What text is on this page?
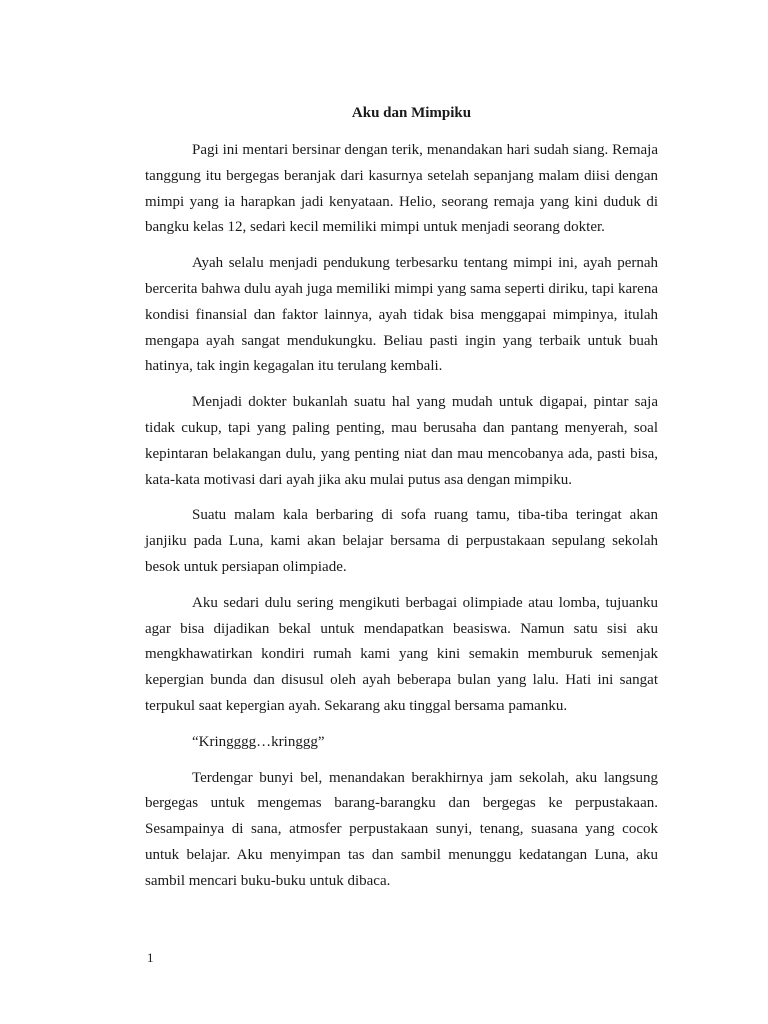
Aku dan Mimpiku

Pagi ini mentari bersinar dengan terik, menandakan hari sudah siang. Remaja tanggung itu bergegas beranjak dari kasurnya setelah sepanjang malam diisi dengan mimpi yang ia harapkan jadi kenyataan. Helio, seorang remaja yang kini duduk di bangku kelas 12, sedari kecil memiliki mimpi untuk menjadi seorang dokter.

Ayah selalu menjadi pendukung terbesarku tentang mimpi ini, ayah pernah bercerita bahwa dulu ayah juga memiliki mimpi yang sama seperti diriku, tapi karena kondisi finansial dan faktor lainnya, ayah tidak bisa menggapai mimpinya, itulah mengapa ayah sangat mendukungku. Beliau pasti ingin yang terbaik untuk buah hatinya, tak ingin kegagalan itu terulang kembali.

Menjadi dokter bukanlah suatu hal yang mudah untuk digapai, pintar saja tidak cukup, tapi yang paling penting, mau berusaha dan pantang menyerah, soal kepintaran belakangan dulu, yang penting niat dan mau mencobanya ada, pasti bisa, kata-kata motivasi dari ayah jika aku mulai putus asa dengan mimpiku.

Suatu malam kala berbaring di sofa ruang tamu, tiba-tiba teringat akan janjiku pada Luna, kami akan belajar bersama di perpustakaan sepulang sekolah besok untuk persiapan olimpiade.

Aku sedari dulu sering mengikuti berbagai olimpiade atau lomba, tujuanku agar bisa dijadikan bekal untuk mendapatkan beasiswa. Namun satu sisi aku mengkhawatirkan kondiri rumah kami yang kini semakin memburuk semenjak kepergian bunda dan disusul oleh ayah beberapa bulan yang lalu. Hati ini sangat terpukul saat kepergian ayah. Sekarang aku tinggal bersama pamanku.

“Kringggg…kringgg”

Terdengar bunyi bel, menandakan berakhirnya jam sekolah, aku langsung bergegas untuk mengemas barang-barangku dan bergegas ke perpustakaan. Sesampainya di sana, atmosfer perpustakaan sunyi, tenang, suasana yang cocok untuk belajar. Aku menyimpan tas dan sambil menunggu kedatangan Luna, aku sambil mencari buku-buku untuk dibaca.

1
